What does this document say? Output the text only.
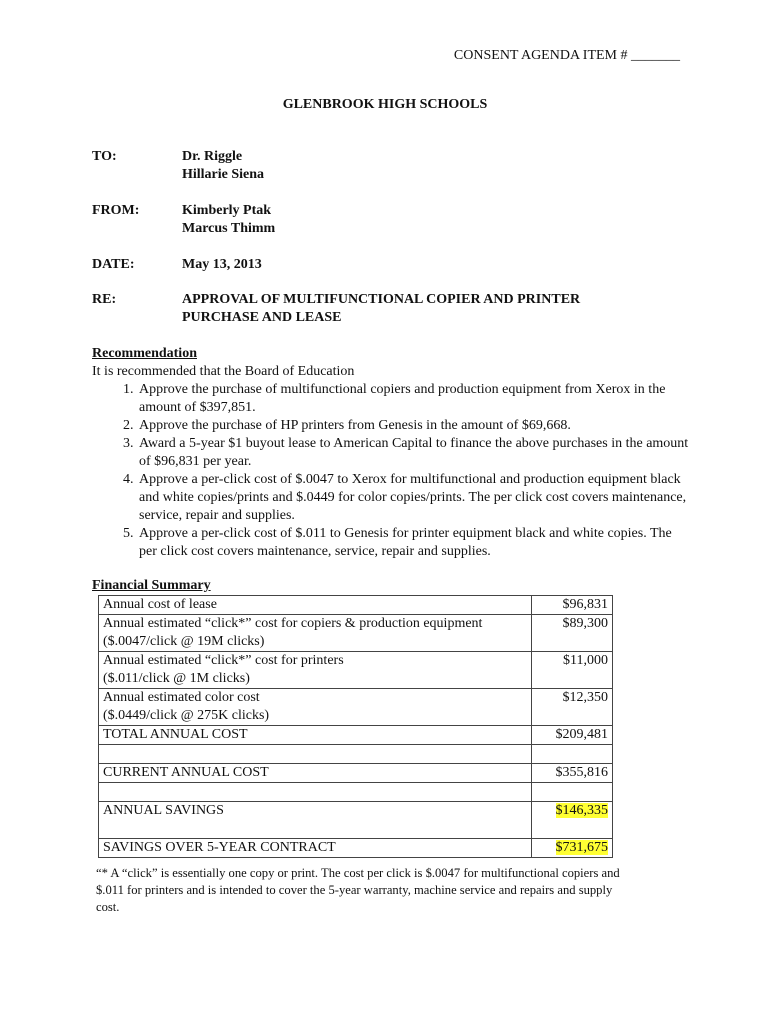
CONSENT AGENDA ITEM # _______
GLENBROOK HIGH SCHOOLS
TO:	Dr. Riggle
Hillarie Siena
FROM:	Kimberly Ptak
Marcus Thimm
DATE:	May 13, 2013
RE:	APPROVAL OF MULTIFUNCTIONAL COPIER AND PRINTER
PURCHASE AND LEASE
Recommendation
It is recommended that the Board of Education
1. Approve the purchase of multifunctional copiers and production equipment from Xerox in the amount of $397,851.
2. Approve the purchase of HP printers from Genesis in the amount of $69,668.
3. Award a 5-year $1 buyout lease to American Capital to finance the above purchases in the amount of $96,831 per year.
4. Approve a per-click cost of $.0047 to Xerox for multifunctional and production equipment black and white copies/prints and $.0449 for color copies/prints. The per click cost covers maintenance, service, repair and supplies.
5. Approve a per-click cost of $.011 to Genesis for printer equipment black and white copies. The per click cost covers maintenance, service, repair and supplies.
Financial Summary
Annual cost of lease	$96,831

Annual estimated “click*” cost for copiers & production equipment
($.0047/click @ 19M clicks)	$89,300

Annual estimated “click*” cost for printers
($.011/click @ 1M clicks)	$11,000

Annual estimated color cost
($.0449/click @ 275K clicks)	$12,350
TOTAL ANNUAL COST	$209,481

CURRENT ANNUAL COST	$355,816

ANNUAL SAVINGS	$146,335
SAVINGS OVER 5-YEAR CONTRACT	$731,675
“* A “click” is essentially one copy or print. The cost per click is $.0047 for multifunctional copiers and $.011 for printers and is intended to cover the 5-year warranty, machine service and repairs and supply cost.
